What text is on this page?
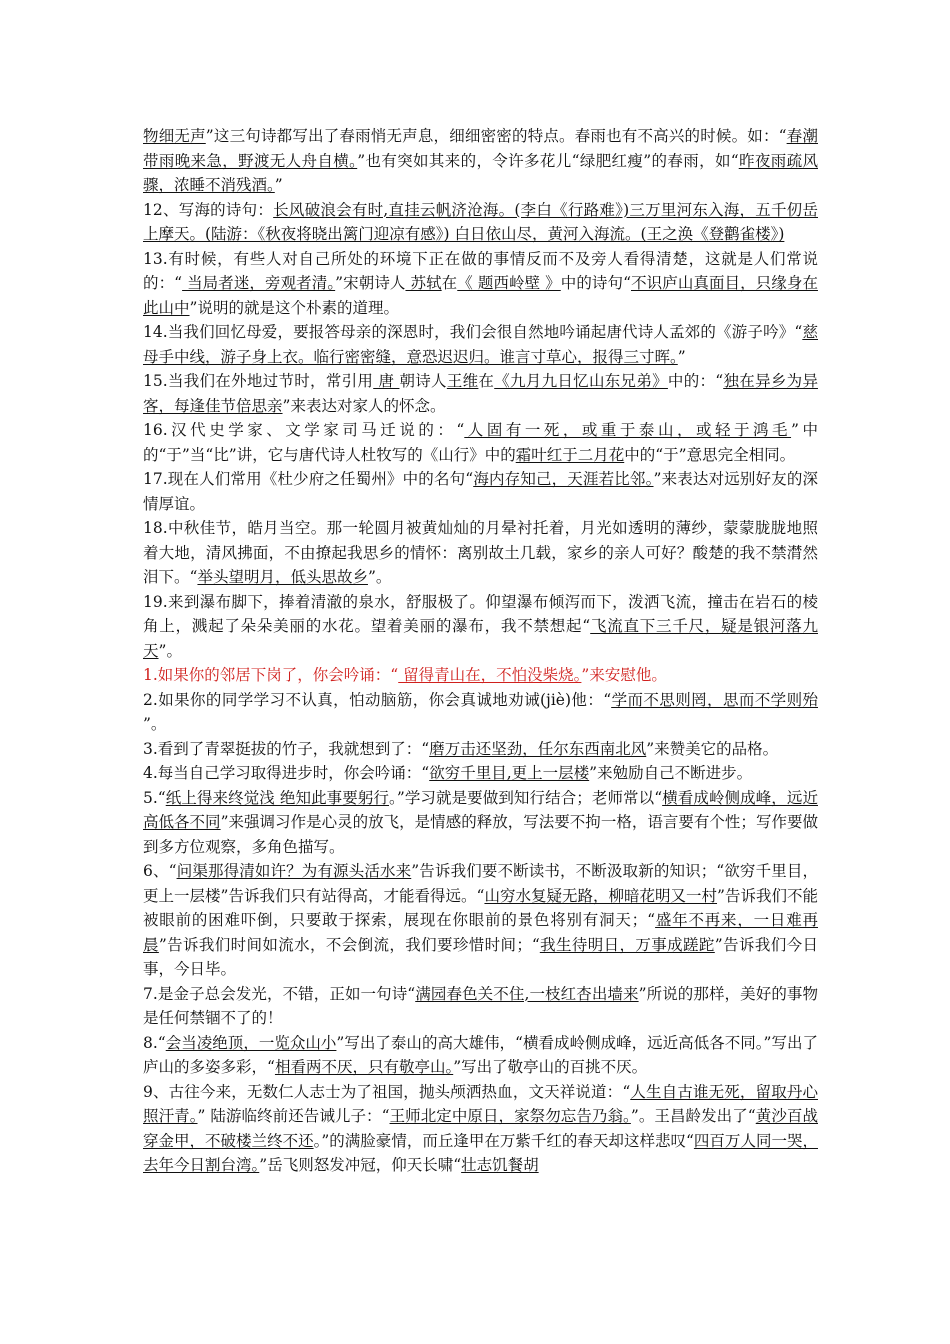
物细无声”这三句诗都写出了春雨悄无声息，细细密密的特点。春雨也有不高兴的时候。如：“春潮带雨晚来急，野渡无人舟自横。”也有突如其来的，令许多花儿“绿肥红瘦”的春雨，如“昨夜雨疏风骤，浓睡不消残酒。”

12、写海的诗句：长风破浪会有时,直挂云帆济沧海。(李白《行路难》)三万里河东入海，五千仞岳上摩天。(陆游：《秋夜将晓出篱门迎凉有感》) 白日依山尽，黄河入海流。(王之涣《登鹳雀楼》)

13.有时候，有些人对自己所处的环境下正在做的事情反而不及旁人看得清楚，这就是人们常说的：“ 当局者迷，旁观者清。”宋朝诗人 苏轼在《 题西岭壁 》中的诗句“不识庐山真面目，只缘身在此山中”说明的就是这个朴素的道理。

14.当我们回忆母爱，要报答母亲的深恩时，我们会很自然地吟诵起唐代诗人孟郊的《游子吟》“慈母手中线，游子身上衣。临行密密缝，意恐迟迟归。谁言寸草心，报得三寸晖。”

15.当我们在外地过节时，常引用 唐 朝诗人王维在《九月九日忆山东兄弟》中的：“独在异乡为异客，每逢佳节倍思亲”来表达对家人的怀念。

16.汉代史学家、文学家司马迁说的：“人固有一死，或重于泰山，或轻于鸿毛”中的“于”当“比”讲，它与唐代诗人杜牧写的《山行》中的霜叶红于二月花中的“于”意思完全相同。

17.现在人们常用《杜少府之任蜀州》中的名句“海内存知己，天涯若比邻。”来表达对远别好友的深情厚谊。

18.中秋佳节，皓月当空。那一轮圆月被黄灿灿的月晕衬托着，月光如透明的薄纱，蒙蒙胧胧地照着大地，清风拂面，不由撩起我思乡的情怀：离别故土几载，家乡的亲人可好？酸楚的我不禁潸然泪下。“举头望明月，低头思故乡”。

19.来到瀑布脚下，捧着清澈的泉水，舒服极了。仰望瀑布倾泻而下，泼洒飞流，撞击在岩石的棱角上，溅起了朵朵美丽的水花。望着美丽的瀑布，我不禁想起“飞流直下三千尺，疑是银河落九天”。

1.如果你的邻居下岗了，你会吟诵：“ 留得青山在，不怕没柴烧。”来安慰他。

2.如果你的同学学习不认真，怕动脑筋，你会真诚地劝诫(jiè)他：“学而不思则罔，思而不学则殆 ”。

3.看到了青翠挺拔的竹子，我就想到了：“磨万击还坚劲，任尔东西南北风”来赞美它的品格。

4.每当自己学习取得进步时，你会吟诵：“欲穷千里目,更上一层楼”来勉励自己不断进步。

5.“纸上得来终觉浅 绝知此事要躬行。”学习就是要做到知行结合；老师常以“横看成岭侧成峰，远近高低各不同”来强调习作是心灵的放飞，是情感的释放，写法要不拘一格，语言要有个性；写作要做到多方位观察，多角色描写。

6、“问渠那得清如许？为有源头活水来”告诉我们要不断读书，不断汲取新的知识；“欲穷千里目，更上一层楼”告诉我们只有站得高，才能看得远。“山穷水复疑无路，柳暗花明又一村”告诉我们不能被眼前的困难吓倒，只要敢于探索，展现在你眼前的景色将别有洞天；“盛年不再来，一日难再晨”告诉我们时间如流水，不会倒流，我们要珍惜时间；“我生待明日，万事成蹉跎”告诉我们今日事，今日毕。

7.是金子总会发光，不错，正如一句诗“满园春色关不住,一枝红杏出墙来”所说的那样，美好的事物是任何禁锢不了的！

8.“会当凌绝顶，一览众山小”写出了泰山的高大雄伟，“横看成岭侧成峰，远近高低各不同。”写出了庐山的多姿多彩，“相看两不厌，只有敬亭山。”写出了敬亭山的百挑不厌。

9、古往今来，无数仁人志士为了祖国，抛头颅洒热血，文天祥说道：“人生自古谁无死，留取丹心照汗青。” 陆游临终前还告诫儿子：“王师北定中原日，家祭勿忘告乃翁。”。王昌龄发出了“黄沙百战穿金甲，不破楼兰终不还。”的满脸豪情，而丘逢甲在万紫千红的春天却这样悲叹“四百万人同一哭，去年今日割台湾。”岳飞则怒发冲冠，仰天长啸“壮志饥餐胡
